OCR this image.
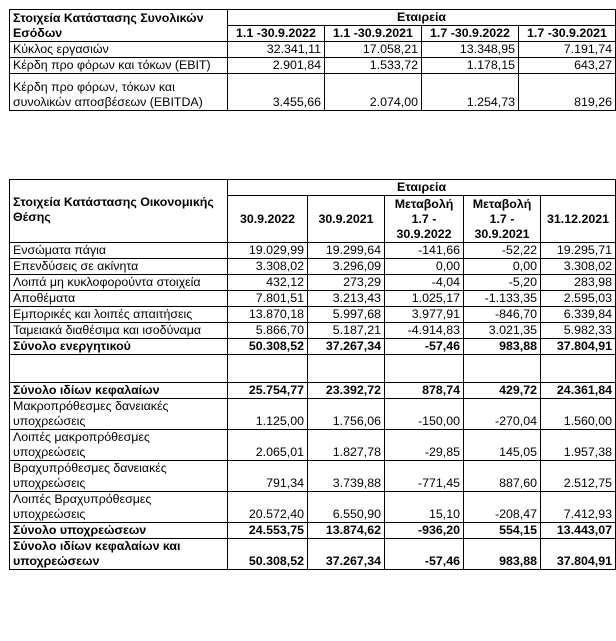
Στοιχεία Κατάστασης Συνολικών Εσόδων	Εταιρεία			
	1.1 -30.9.2022	1.1 -30.9.2021	1.7 -30.9.2022	1.7 -30.9.2021
Κύκλος εργασιών	32.341,11	17.058,21	13.348,95	7.191,74
Κέρδη προ φόρων και τόκων (EBIT)	2.901,84	1.533,72	1.178,15	643,27
Κέρδη προ φόρων, τόκων και συνολικών αποσβέσεων (EBITDA)	3.455,66	2.074,00	1.254,73	819,26
Στοιχεία Κατάστασης Οικονομικής Θέσης	Εταιρεία				
	30.9.2022	30.9.2021	Μεταβολή 1.7 - 30.9.2022	Μεταβολή 1.7 - 30.9.2021	31.12.2021
Ενσώματα πάγια	19.029,99	19.299,64	-141,66	-52,22	19.295,71
Επενδύσεις σε ακίνητα	3.308,02	3.296,09	0,00	0,00	3.308,02
Λοιπά μη κυκλοφορούντα στοιχεία	432,12	273,29	-4,04	-5,20	283,98
Αποθέματα	7.801,51	3.213,43	1.025,17	-1.133,35	2.595,03
Εμπορικές και λοιπές απαιτήσεις	13.870,18	5.997,68	3.977,91	-846,70	6.339,84
Ταμειακά διαθέσιμα και ισοδύναμα	5.866,70	5.187,21	-4.914,83	3.021,35	5.982,33
Σύνολο ενεργητικού	50.308,52	37.267,34	-57,46	983,88	37.804,91

Σύνολο ιδίων κεφαλαίων	25.754,77	23.392,72	878,74	429,72	24.361,84
Μακροπρόθεσμες δανειακές υποχρεώσεις	1.125,00	1.756,06	-150,00	-270,04	1.560,00
Λοιπές μακροπρόθεσμες υποχρεώσεις	2.065,01	1.827,78	-29,85	145,05	1.957,38
Βραχυπρόθεσμες δανειακές υποχρεώσεις	791,34	3.739,88	-771,45	887,60	2.512,75
Λοιπές Βραχυπρόθεσμες υποχρεώσεις	20.572,40	6.550,90	15,10	-208,47	7.412,93
Σύνολο υποχρεώσεων	24.553,75	13.874,62	-936,20	554,15	13.443,07
Σύνολο ιδίων κεφαλαίων και υποχρεώσεων	50.308,52	37.267,34	-57,46	983,88	37.804,91
